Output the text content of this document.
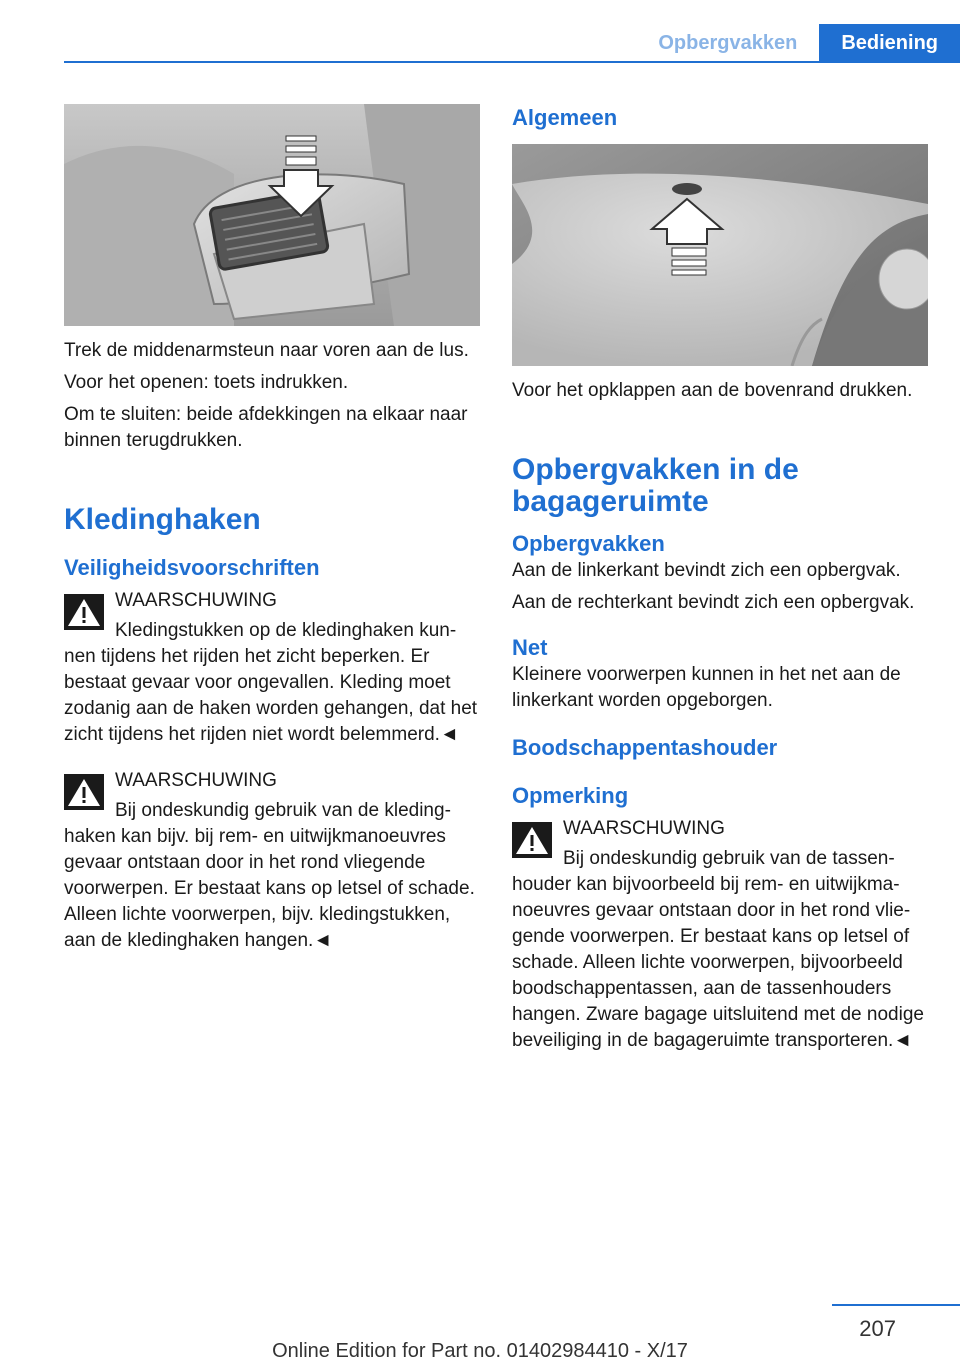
Opbergvakken	Bediening

Trek de middenarmsteun naar voren aan de lus.

Voor het openen: toets indrukken.

Om te sluiten: beide afdekkingen na elkaar naar binnen terugdrukken.

Kledinghaken
Veiligheidsvoorschriften
WAARSCHUWING

Kledingstukken op de kledinghaken kunnen tijdens het rijden het zicht beperken. Er bestaat gevaar voor ongevallen. Kleding moet zodanig aan de haken worden gehangen, dat het zicht tijdens het rijden niet wordt belemmerd.◄

WAARSCHUWING

Bij ondeskundig gebruik van de kledinghaken kan bijv. bij rem- en uitwijkmanoeuvres gevaar ontstaan door in het rond vliegende voorwerpen. Er bestaat kans op letsel of schade. Alleen lichte voorwerpen, bijv. kledingstukken, aan de kledinghaken hangen.◄

Algemeen

Voor het opklappen aan de bovenrand drukken.

Opbergvakken in de bagageruimte
Opbergvakken

Aan de linkerkant bevindt zich een opbergvak.

Aan de rechterkant bevindt zich een opbergvak.

Net

Kleinere voorwerpen kunnen in het net aan de linkerkant worden opgeborgen.

Boodschappentashouder
Opmerking
WAARSCHUWING

Bij ondeskundig gebruik van de tassenhouder kan bijvoorbeeld bij rem- en uitwijkmanoeuvres gevaar ontstaan door in het rond vliegende voorwerpen. Er bestaat kans op letsel of schade. Alleen lichte voorwerpen, bijvoorbeeld boodschappentassen, aan de tassenhouders hangen. Zware bagage uitsluitend met de nodige beveiliging in de bagageruimte transporteren.◄

207
Online Edition for Part no. 01402984410 - X/17
